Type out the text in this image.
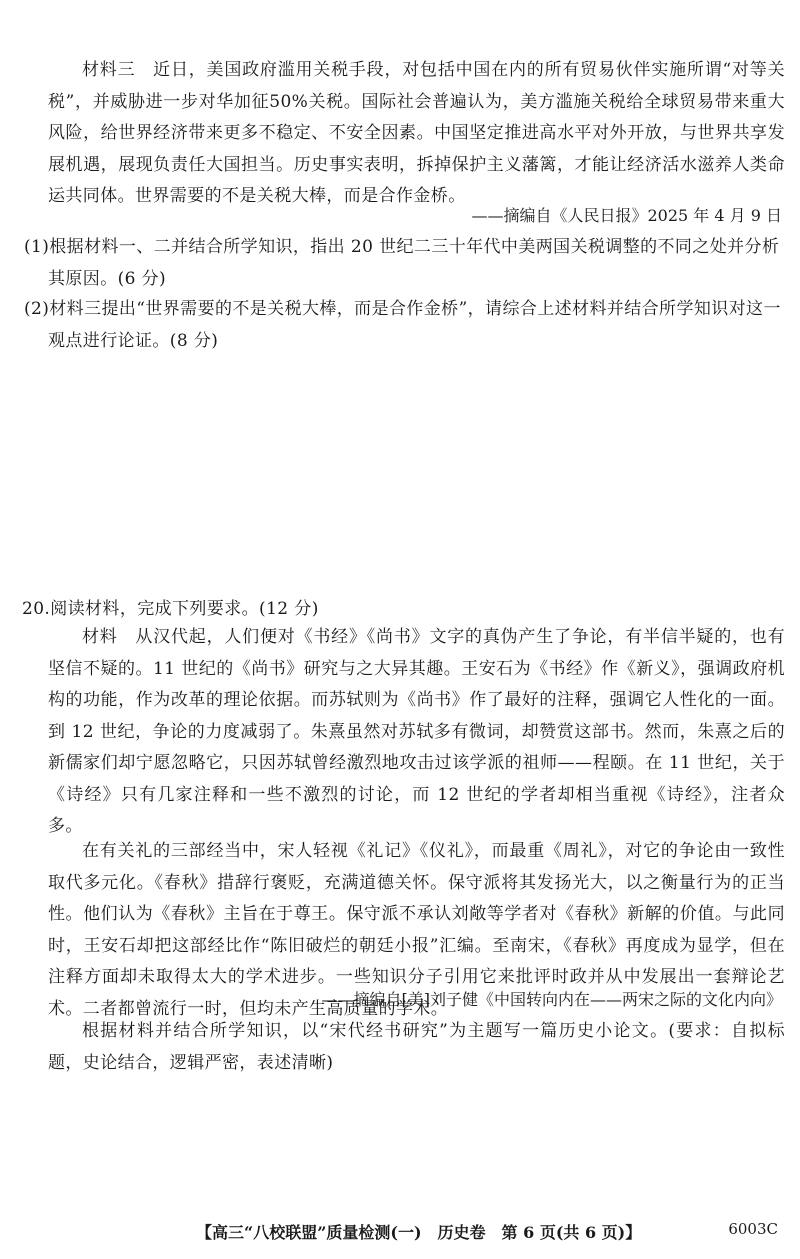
材料三　近日，美国政府滥用关税手段，对包括中国在内的所有贸易伙伴实施所谓“对等关税”，并威胁进一步对华加征50%关税。国际社会普遍认为，美方滥施关税给全球贸易带来重大风险，给世界经济带来更多不稳定、不安全因素。中国坚定推进高水平对外开放，与世界共享发展机遇，展现负责任大国担当。历史事实表明，拆掉保护主义藩篱，才能让经济活水滋养人类命运共同体。世界需要的不是关税大棒，而是合作金桥。

——摘编自《人民日报》2025 年 4 月 9 日
(1)根据材料一、二并结合所学知识，指出 20 世纪二三十年代中美两国关税调整的不同之处并分析其原因。(6 分)
(2)材料三提出“世界需要的不是关税大棒，而是合作金桥”，请综合上述材料并结合所学知识对这一观点进行论证。(8 分)
20.阅读材料，完成下列要求。(12 分)

材料　从汉代起，人们便对《书经》《尚书》文字的真伪产生了争论，有半信半疑的，也有坚信不疑的。11 世纪的《尚书》研究与之大异其趣。王安石为《书经》作《新义》，强调政府机构的功能，作为改革的理论依据。而苏轼则为《尚书》作了最好的注释，强调它人性化的一面。到 12 世纪，争论的力度减弱了。朱熹虽然对苏轼多有微词，却赞赏这部书。然而，朱熹之后的新儒家们却宁愿忽略它，只因苏轼曾经激烈地攻击过该学派的祖师——程颐。在 11 世纪，关于《诗经》只有几家注释和一些不激烈的讨论，而 12 世纪的学者却相当重视《诗经》，注者众多。

在有关礼的三部经当中，宋人轻视《礼记》《仪礼》，而最重《周礼》，对它的争论由一致性取代多元化。《春秋》措辞行褒贬，充满道德关怀。保守派将其发扬光大，以之衡量行为的正当性。他们认为《春秋》主旨在于尊王。保守派不承认刘敞等学者对《春秋》新解的价值。与此同时，王安石却把这部经比作“陈旧破烂的朝廷小报”汇编。至南宋，《春秋》再度成为显学，但在注释方面却未取得太大的学术进步。一些知识分子引用它来批评时政并从中发展出一套辩论艺术。二者都曾流行一时，但均未产生高质量的学术。

——摘编自[美]刘子健《中国转向内在——两宋之际的文化内向》

根据材料并结合所学知识，以“宋代经书研究”为主题写一篇历史小论文。(要求：自拟标题，史论结合，逻辑严密，表述清晰)

【高三“八校联盟”质量检测(一)　历史卷　第 6 页(共 6 页)】	6003C
